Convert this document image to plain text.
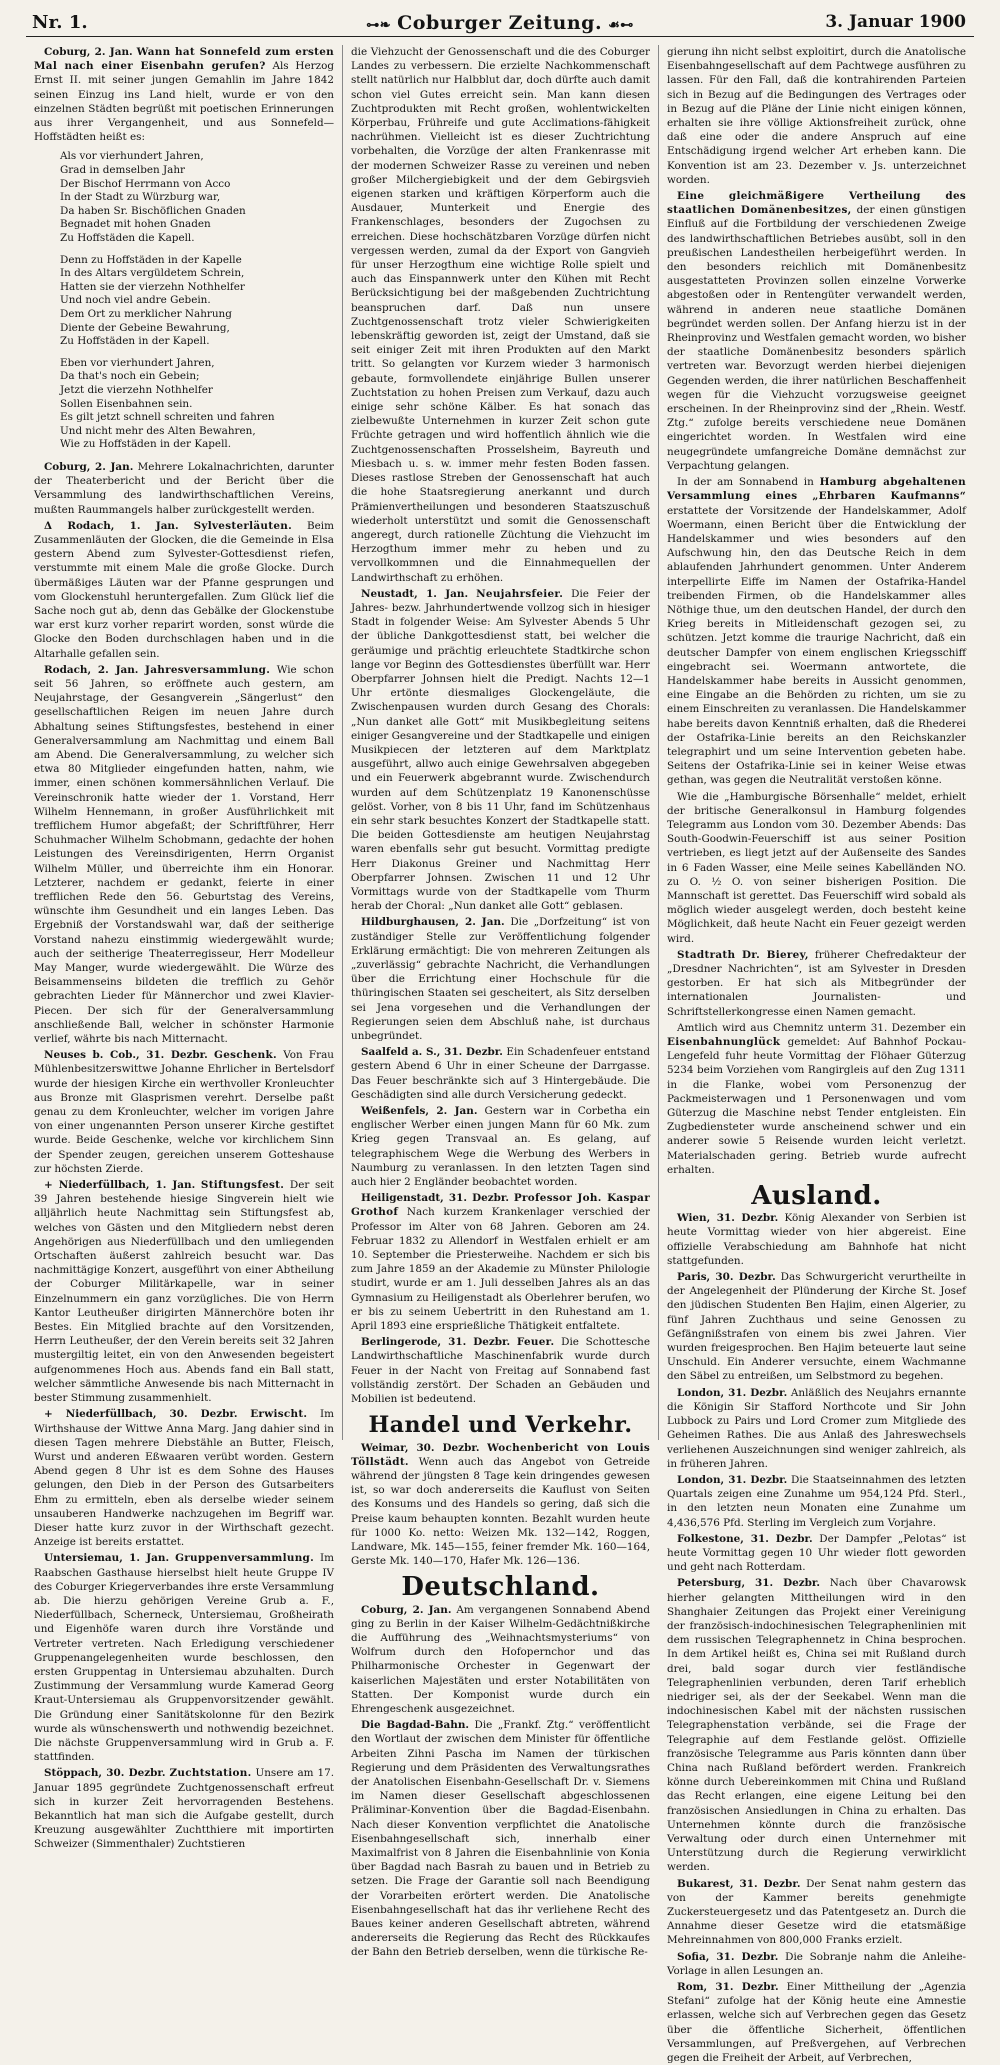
Nr. 1.	⊶❧ Coburger Zeitung. ☙⊷	3. Januar 1900

Coburg, 2. Jan. Wann hat Sonnefeld zum ersten Mal nach einer Eisenbahn gerufen? Als Herzog Ernst II. mit seiner jungen Gemahlin im Jahre 1842 seinen Einzug ins Land hielt, wurde er von den einzelnen Städten begrüßt mit poetischen Erinnerungen aus ihrer Vergangenheit, und aus Sonnefeld—Hoffstädten heißt es:

Als vor vierhundert Jahren,
Grad in demselben Jahr
Der Bischof Herrmann von Acco
In der Stadt zu Würzburg war,
Da haben Sr. Bischöflichen Gnaden
Begnadet mit hohen Gnaden
Zu Hoffstäden die Kapell.
Denn zu Hoffstäden in der Kapelle
In des Altars vergüldetem Schrein,
Hatten sie der vierzehn Nothhelfer
Und noch viel andre Gebein.
Dem Ort zu merklicher Nahrung
Diente der Gebeine Bewahrung,
Zu Hoffstäden in der Kapell.
Eben vor vierhundert Jahren,
Da that's noch ein Gebein;
Jetzt die vierzehn Nothhelfer
Sollen Eisenbahnen sein.
Es gilt jetzt schnell schreiten und fahren
Und nicht mehr des Alten Bewahren,
Wie zu Hoffstäden in der Kapell.

Coburg, 2. Jan. Mehrere Lokalnachrichten, darunter der Theaterbericht und der Bericht über die Versammlung des landwirthschaftlichen Vereins, mußten Raummangels halber zurückgestellt werden.

Δ Rodach, 1. Jan. Sylvesterläuten. Beim Zusammenläuten der Glocken, die die Gemeinde in Elsa gestern Abend zum Sylvester-Gottesdienst riefen, verstummte mit einem Male die große Glocke. Durch übermäßiges Läuten war der Pfanne gesprungen und vom Glockenstuhl heruntergefallen. Zum Glück lief die Sache noch gut ab, denn das Gebälke der Glockenstube war erst kurz vorher reparirt worden, sonst würde die Glocke den Boden durchschlagen haben und in die Altarhalle gefallen sein.

Rodach, 2. Jan. Jahresversammlung. Wie schon seit 56 Jahren, so eröffnete auch gestern, am Neujahrstage, der Gesangverein „Sängerlust“ den gesellschaftlichen Reigen im neuen Jahre durch Abhaltung seines Stiftungsfestes, bestehend in einer Generalversammlung am Nachmittag und einem Ball am Abend. Die Generalversammlung, zu welcher sich etwa 80 Mitglieder eingefunden hatten, nahm, wie immer, einen schönen kommersähnlichen Verlauf. Die Vereinschronik hatte wieder der 1. Vorstand, Herr Wilhelm Hennemann, in großer Ausführlichkeit mit trefflichem Humor abgefaßt; der Schriftführer, Herr Schuhmacher Wilhelm Schobmann, gedachte der hohen Leistungen des Vereinsdirigenten, Herrn Organist Wilhelm Müller, und überreichte ihm ein Honorar. Letzterer, nachdem er gedankt, feierte in einer trefflichen Rede den 56. Geburtstag des Vereins, wünschte ihm Gesundheit und ein langes Leben. Das Ergebniß der Vorstandswahl war, daß der seitherige Vorstand nahezu einstimmig wiedergewählt wurde; auch der seitherige Theaterregisseur, Herr Modelleur May Manger, wurde wiedergewählt. Die Würze des Beisammenseins bildeten die trefflich zu Gehör gebrachten Lieder für Männerchor und zwei Klavier-Piecen. Der sich für der Generalversammlung anschließende Ball, welcher in schönster Harmonie verlief, währte bis nach Mitternacht.

Neuses b. Cob., 31. Dezbr. Geschenk. Von Frau Mühlenbesitzerswittwe Johanne Ehrlicher in Bertelsdorf wurde der hiesigen Kirche ein werthvoller Kronleuchter aus Bronze mit Glasprismen verehrt. Derselbe paßt genau zu dem Kronleuchter, welcher im vorigen Jahre von einer ungenannten Person unserer Kirche gestiftet wurde. Beide Geschenke, welche vor kirchlichem Sinn der Spender zeugen, gereichen unserem Gotteshause zur höchsten Zierde.

+ Niederfüllbach, 1. Jan. Stiftungsfest. Der seit 39 Jahren bestehende hiesige Singverein hielt wie alljährlich heute Nachmittag sein Stiftungsfest ab, welches von Gästen und den Mitgliedern nebst deren Angehörigen aus Niederfüllbach und den umliegenden Ortschaften äußerst zahlreich besucht war. Das nachmittägige Konzert, ausgeführt von einer Abtheilung der Coburger Militärkapelle, war in seiner Einzelnummern ein ganz vorzügliches. Die von Herrn Kantor Leutheußer dirigirten Männerchöre boten ihr Bestes. Ein Mitglied brachte auf den Vorsitzenden, Herrn Leutheußer, der den Verein bereits seit 32 Jahren mustergiltig leitet, ein von den Anwesenden begeistert aufgenommenes Hoch aus. Abends fand ein Ball statt, welcher sämmtliche Anwesende bis nach Mitternacht in bester Stimmung zusammenhielt.

+ Niederfüllbach, 30. Dezbr. Erwischt. Im Wirthshause der Wittwe Anna Marg. Jang dahier sind in diesen Tagen mehrere Diebstähle an Butter, Fleisch, Wurst und anderen Eßwaaren verübt worden. Gestern Abend gegen 8 Uhr ist es dem Sohne des Hauses gelungen, den Dieb in der Person des Gutsarbeiters Ehm zu ermitteln, eben als derselbe wieder seinem unsauberen Handwerke nachzugehen im Begriff war. Dieser hatte kurz zuvor in der Wirthschaft gezecht. Anzeige ist bereits erstattet.

Untersiemau, 1. Jan. Gruppenversammlung. Im Raabschen Gasthause hierselbst hielt heute Gruppe IV des Coburger Kriegerverbandes ihre erste Versammlung ab. Die hierzu gehörigen Vereine Grub a. F., Niederfüllbach, Scherneck, Untersiemau, Großheirath und Eigenhöfe waren durch ihre Vorstände und Vertreter vertreten. Nach Erledigung verschiedener Gruppenangelegenheiten wurde beschlossen, den ersten Gruppentag in Untersiemau abzuhalten. Durch Zustimmung der Versammlung wurde Kamerad Georg Kraut-Untersiemau als Gruppenvorsitzender gewählt. Die Gründung einer Sanitätskolonne für den Bezirk wurde als wünschenswerth und nothwendig bezeichnet. Die nächste Gruppenversammlung wird in Grub a. F. stattfinden.

Stöppach, 30. Dezbr. Zuchtstation. Unsere am 17. Januar 1895 gegründete Zuchtgenossenschaft erfreut sich in kurzer Zeit hervorragenden Bestehens. Bekanntlich hat man sich die Aufgabe gestellt, durch Kreuzung ausgewählter Zuchtthiere mit importirten Schweizer (Simmenthaler) Zuchtstieren

die Viehzucht der Genossenschaft und die des Coburger Landes zu verbessern. Die erzielte Nachkommenschaft stellt natürlich nur Halbblut dar, doch dürfte auch damit schon viel Gutes erreicht sein. Man kann diesen Zuchtprodukten mit Recht großen, wohlentwickelten Körperbau, Frühreife und gute Acclimations-fähigkeit nachrühmen. Vielleicht ist es dieser Zuchtrichtung vorbehalten, die Vorzüge der alten Frankenrasse mit der modernen Schweizer Rasse zu vereinen und neben großer Milchergiebigkeit und der dem Gebirgsvieh eigenen starken und kräftigen Körperform auch die Ausdauer, Munterkeit und Energie des Frankenschlages, besonders der Zugochsen zu erreichen. Diese hochschätzbaren Vorzüge dürfen nicht vergessen werden, zumal da der Export von Gangvieh für unser Herzogthum eine wichtige Rolle spielt und auch das Einspannwerk unter den Kühen mit Recht Berücksichtigung bei der maßgebenden Zuchtrichtung beanspruchen darf. Daß nun unsere Zuchtgenossenschaft trotz vieler Schwierigkeiten lebenskräftig geworden ist, zeigt der Umstand, daß sie seit einiger Zeit mit ihren Produkten auf den Markt tritt. So gelangten vor Kurzem wieder 3 harmonisch gebaute, formvollendete einjährige Bullen unserer Zuchtstation zu hohen Preisen zum Verkauf, dazu auch einige sehr schöne Kälber. Es hat sonach das zielbewußte Unternehmen in kurzer Zeit schon gute Früchte getragen und wird hoffentlich ähnlich wie die Zuchtgenossenschaften Prosselsheim, Bayreuth und Miesbach u. s. w. immer mehr festen Boden fassen. Dieses rastlose Streben der Genossenschaft hat auch die hohe Staatsregierung anerkannt und durch Prämienvertheilungen und besonderen Staatszuschuß wiederholt unterstützt und somit die Genossenschaft angeregt, durch rationelle Züchtung die Viehzucht im Herzogthum immer mehr zu heben und zu vervollkommnen und die Einnahmequellen der Landwirthschaft zu erhöhen.

Neustadt, 1. Jan. Neujahrsfeier. Die Feier der Jahres- bezw. Jahrhundertwende vollzog sich in hiesiger Stadt in folgender Weise: Am Sylvester Abends 5 Uhr der übliche Dankgottesdienst statt, bei welcher die geräumige und prächtig erleuchtete Stadtkirche schon lange vor Beginn des Gottesdienstes überfüllt war. Herr Oberpfarrer Johnsen hielt die Predigt. Nachts 12—1 Uhr ertönte diesmaliges Glockengeläute, die Zwischenpausen wurden durch Gesang des Chorals: „Nun danket alle Gott“ mit Musikbegleitung seitens einiger Gesangvereine und der Stadtkapelle und einigen Musikpiecen der letzteren auf dem Marktplatz ausgeführt, allwo auch einige Gewehrsalven abgegeben und ein Feuerwerk abgebrannt wurde. Zwischendurch wurden auf dem Schützenplatz 19 Kanonenschüsse gelöst. Vorher, von 8 bis 11 Uhr, fand im Schützenhaus ein sehr stark besuchtes Konzert der Stadtkapelle statt. Die beiden Gottesdienste am heutigen Neujahrstag waren ebenfalls sehr gut besucht. Vormittag predigte Herr Diakonus Greiner und Nachmittag Herr Oberpfarrer Johnsen. Zwischen 11 und 12 Uhr Vormittags wurde von der Stadtkapelle vom Thurm herab der Choral: „Nun danket alle Gott“ geblasen.

Hildburghausen, 2. Jan. Die „Dorfzeitung“ ist von zuständiger Stelle zur Veröffentlichung folgender Erklärung ermächtigt: Die von mehreren Zeitungen als „zuverlässig“ gebrachte Nachricht, die Verhandlungen über die Errichtung einer Hochschule für die thüringischen Staaten sei gescheitert, als Sitz derselben sei Jena vorgesehen und die Verhandlungen der Regierungen seien dem Abschluß nahe, ist durchaus unbegründet.

Saalfeld a. S., 31. Dezbr. Ein Schadenfeuer entstand gestern Abend 6 Uhr in einer Scheune der Darrgasse. Das Feuer beschränkte sich auf 3 Hintergebäude. Die Geschädigten sind alle durch Versicherung gedeckt.

Weißenfels, 2. Jan. Gestern war in Corbetha ein englischer Werber einen jungen Mann für 60 Mk. zum Krieg gegen Transvaal an. Es gelang, auf telegraphischem Wege die Werbung des Werbers in Naumburg zu veranlassen. In den letzten Tagen sind auch hier 2 Engländer beobachtet worden.

Heiligenstadt, 31. Dezbr. Professor Joh. Kaspar Grothof Nach kurzem Krankenlager verschied der Professor im Alter von 68 Jahren. Geboren am 24. Februar 1832 zu Allendorf in Westfalen erhielt er am 10. September die Priesterweihe. Nachdem er sich bis zum Jahre 1859 an der Akademie zu Münster Philologie studirt, wurde er am 1. Juli desselben Jahres als an das Gymnasium zu Heiligenstadt als Oberlehrer berufen, wo er bis zu seinem Uebertritt in den Ruhestand am 1. April 1893 eine ersprießliche Thätigkeit entfaltete.

Berlingerode, 31. Dezbr. Feuer. Die Schottesche Landwirthschaftliche Maschinenfabrik wurde durch Feuer in der Nacht von Freitag auf Sonnabend fast vollständig zerstört. Der Schaden an Gebäuden und Mobilien ist bedeutend.

Handel und Verkehr.

Weimar, 30. Dezbr. Wochenbericht von Louis Töllstädt. Wenn auch das Angebot von Getreide während der jüngsten 8 Tage kein dringendes gewesen ist, so war doch andererseits die Kauflust von Seiten des Konsums und des Handels so gering, daß sich die Preise kaum behaupten konnten. Bezahlt wurden heute für 1000 Ko. netto: Weizen Mk. 132—142, Roggen, Landware, Mk. 145—155, feiner fremder Mk. 160—164, Gerste Mk. 140—170, Hafer Mk. 126—136.

Deutschland.

Coburg, 2. Jan. Am vergangenen Sonnabend Abend ging zu Berlin in der Kaiser Wilhelm-Gedächtnißkirche die Aufführung des „Weihnachtsmysteriums“ von Wolfrum durch den Hofopernchor und das Philharmonische Orchester in Gegenwart der kaiserlichen Majestäten und erster Notabilitäten von Statten. Der Komponist wurde durch ein Ehrengeschenk ausgezeichnet.

Die Bagdad-Bahn. Die „Frankf. Ztg.“ veröffentlicht den Wortlaut der zwischen dem Minister für öffentliche Arbeiten Zihni Pascha im Namen der türkischen Regierung und dem Präsidenten des Verwaltungsrathes der Anatolischen Eisenbahn-Gesellschaft Dr. v. Siemens im Namen dieser Gesellschaft abgeschlossenen Präliminar-Konvention über die Bagdad-Eisenbahn. Nach dieser Konvention verpflichtet die Anatolische Eisenbahngesellschaft sich, innerhalb einer Maximalfrist von 8 Jahren die Eisenbahnlinie von Konia über Bagdad nach Basrah zu bauen und in Betrieb zu setzen. Die Frage der Garantie soll nach Beendigung der Vorarbeiten erörtert werden. Die Anatolische Eisenbahngesellschaft hat das ihr verliehene Recht des Baues keiner anderen Gesellschaft abtreten, während andererseits die Regierung das Recht des Rückkaufes der Bahn den Betrieb derselben, wenn die türkische Re-

gierung ihn nicht selbst exploitirt, durch die Anatolische Eisenbahngesellschaft auf dem Pachtwege ausführen zu lassen. Für den Fall, daß die kontrahirenden Parteien sich in Bezug auf die Bedingungen des Vertrages oder in Bezug auf die Pläne der Linie nicht einigen können, erhalten sie ihre völlige Aktionsfreiheit zurück, ohne daß eine oder die andere Anspruch auf eine Entschädigung irgend welcher Art erheben kann. Die Konvention ist am 23. Dezember v. Js. unterzeichnet worden.

Eine gleichmäßigere Vertheilung des staatlichen Domänenbesitzes, der einen günstigen Einfluß auf die Fortbildung der verschiedenen Zweige des landwirthschaftlichen Betriebes ausübt, soll in den preußischen Landestheilen herbeigeführt werden. In den besonders reichlich mit Domänenbesitz ausgestatteten Provinzen sollen einzelne Vorwerke abgestoßen oder in Rentengüter verwandelt werden, während in anderen neue staatliche Domänen begründet werden sollen. Der Anfang hierzu ist in der Rheinprovinz und Westfalen gemacht worden, wo bisher der staatliche Domänenbesitz besonders spärlich vertreten war. Bevorzugt werden hierbei diejenigen Gegenden werden, die ihrer natürlichen Beschaffenheit wegen für die Viehzucht vorzugsweise geeignet erscheinen. In der Rheinprovinz sind der „Rhein. Westf. Ztg.“ zufolge bereits verschiedene neue Domänen eingerichtet worden. In Westfalen wird eine neugegründete umfangreiche Domäne demnächst zur Verpachtung gelangen.

In der am Sonnabend in Hamburg abgehaltenen Versammlung eines „Ehrbaren Kaufmanns“ erstattete der Vorsitzende der Handelskammer, Adolf Woermann, einen Bericht über die Entwicklung der Handelskammer und wies besonders auf den Aufschwung hin, den das Deutsche Reich in dem ablaufenden Jahrhundert genommen. Unter Anderem interpellirte Eiffe im Namen der Ostafrika-Handel treibenden Firmen, ob die Handelskammer alles Nöthige thue, um den deutschen Handel, der durch den Krieg bereits in Mitleidenschaft gezogen sei, zu schützen. Jetzt komme die traurige Nachricht, daß ein deutscher Dampfer von einem englischen Kriegsschiff eingebracht sei. Woermann antwortete, die Handelskammer habe bereits in Aussicht genommen, eine Eingabe an die Behörden zu richten, um sie zu einem Einschreiten zu veranlassen. Die Handelskammer habe bereits davon Kenntniß erhalten, daß die Rhederei der Ostafrika-Linie bereits an den Reichskanzler telegraphirt und um seine Intervention gebeten habe. Seitens der Ostafrika-Linie sei in keiner Weise etwas gethan, was gegen die Neutralität verstoßen könne.

Wie die „Hamburgische Börsenhalle“ meldet, erhielt der britische Generalkonsul in Hamburg folgendes Telegramm aus London vom 30. Dezember Abends: Das South-Goodwin-Feuerschiff ist aus seiner Position vertrieben, es liegt jetzt auf der Außenseite des Sandes in 6 Faden Wasser, eine Meile seines Kabelländen NO. zu O. ½ O. von seiner bisherigen Position. Die Mannschaft ist gerettet. Das Feuerschiff wird sobald als möglich wieder ausgelegt werden, doch besteht keine Möglichkeit, daß heute Nacht ein Feuer gezeigt werden wird.

Stadtrath Dr. Bierey, früherer Chefredakteur der „Dresdner Nachrichten“, ist am Sylvester in Dresden gestorben. Er hat sich als Mitbegründer der internationalen Journalisten- und Schriftstellerkongresse einen Namen gemacht.

Amtlich wird aus Chemnitz unterm 31. Dezember ein Eisenbahnunglück gemeldet: Auf Bahnhof Pockau-Lengefeld fuhr heute Vormittag der Flöhaer Güterzug 5234 beim Vorziehen vom Rangirgleis auf den Zug 1311 in die Flanke, wobei vom Personenzug der Packmeisterwagen und 1 Personenwagen und vom Güterzug die Maschine nebst Tender entgleisten. Ein Zugbediensteter wurde anscheinend schwer und ein anderer sowie 5 Reisende wurden leicht verletzt. Materialschaden gering. Betrieb wurde aufrecht erhalten.

Ausland.

Wien, 31. Dezbr. König Alexander von Serbien ist heute Vormittag wieder von hier abgereist. Eine offizielle Verabschiedung am Bahnhofe hat nicht stattgefunden.

Paris, 30. Dezbr. Das Schwurgericht verurtheilte in der Angelegenheit der Plünderung der Kirche St. Josef den jüdischen Studenten Ben Hajim, einen Algerier, zu fünf Jahren Zuchthaus und seine Genossen zu Gefängnißstrafen von einem bis zwei Jahren. Vier wurden freigesprochen. Ben Hajim beteuerte laut seine Unschuld. Ein Anderer versuchte, einem Wachmanne den Säbel zu entreißen, um Selbstmord zu begehen.

London, 31. Dezbr. Anläßlich des Neujahrs ernannte die Königin Sir Stafford Northcote und Sir John Lubbock zu Pairs und Lord Cromer zum Mitgliede des Geheimen Rathes. Die aus Anlaß des Jahreswechsels verliehenen Auszeichnungen sind weniger zahlreich, als in früheren Jahren.

London, 31. Dezbr. Die Staatseinnahmen des letzten Quartals zeigen eine Zunahme um 954,124 Pfd. Sterl., in den letzten neun Monaten eine Zunahme um 4,436,576 Pfd. Sterling im Vergleich zum Vorjahre.

Folkestone, 31. Dezbr. Der Dampfer „Pelotas“ ist heute Vormittag gegen 10 Uhr wieder flott geworden und geht nach Rotterdam.

Petersburg, 31. Dezbr. Nach über Chavarowsk hierher gelangten Mittheilungen wird in den Shanghaier Zeitungen das Projekt einer Vereinigung der französisch-indochinesischen Telegraphenlinien mit dem russischen Telegraphennetz in China besprochen. In dem Artikel heißt es, China sei mit Rußland durch drei, bald sogar durch vier festländische Telegraphenlinien verbunden, deren Tarif erheblich niedriger sei, als der der Seekabel. Wenn man die indochinesischen Kabel mit der nächsten russischen Telegraphenstation verbände, sei die Frage der Telegraphie auf dem Festlande gelöst. Offizielle französische Telegramme aus Paris könnten dann über China nach Rußland befördert werden. Frankreich könne durch Uebereinkommen mit China und Rußland das Recht erlangen, eine eigene Leitung bei den französischen Ansiedlungen in China zu erhalten. Das Unternehmen könnte durch die französische Verwaltung oder durch einen Unternehmer mit Unterstützung durch die Regierung verwirklicht werden.

Bukarest, 31. Dezbr. Der Senat nahm gestern das von der Kammer bereits genehmigte Zuckersteuergesetz und das Patentgesetz an. Durch die Annahme dieser Gesetze wird die etatsmäßige Mehreinnahmen von 800,000 Franks erzielt.

Sofia, 31. Dezbr. Die Sobranje nahm die Anleihe-Vorlage in allen Lesungen an.

Rom, 31. Dezbr. Einer Mittheilung der „Agenzia Stefani“ zufolge hat der König heute eine Amnestie erlassen, welche sich auf Verbrechen gegen das Gesetz über die öffentliche Sicherheit, öffentlichen Versammlungen, auf Preßvergehen, auf Verbrechen gegen die Freiheit der Arbeit, auf Verbrechen,
